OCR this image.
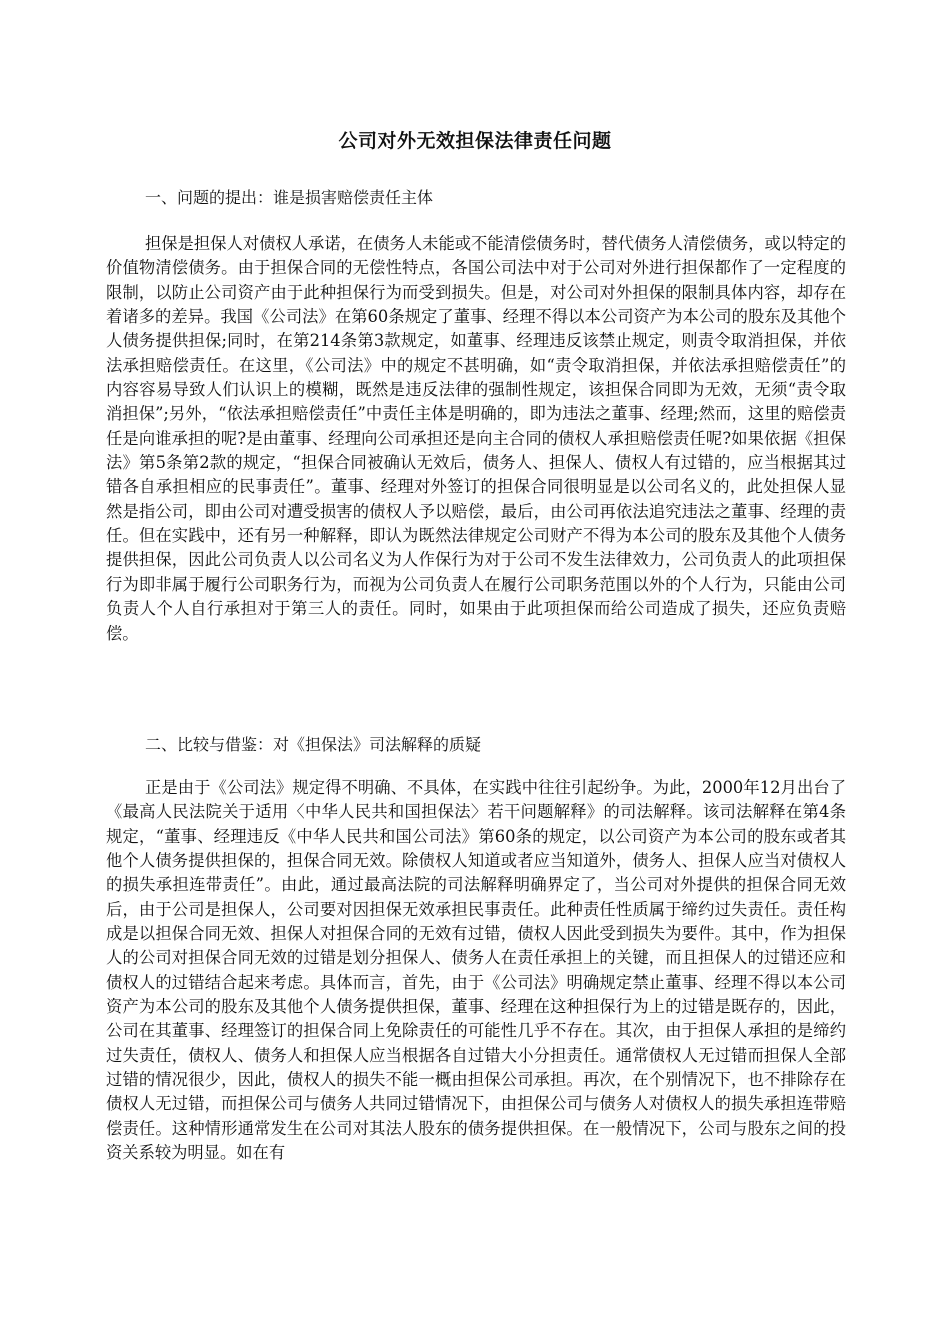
公司对外无效担保法律责任问题
一、问题的提出：谁是损害赔偿责任主体

担保是担保人对债权人承诺，在债务人未能或不能清偿债务时，替代债务人清偿债务，或以特定的价值物清偿债务。由于担保合同的无偿性特点，各国公司法中对于公司对外进行担保都作了一定程度的限制，以防止公司资产由于此种担保行为而受到损失。但是，对公司对外担保的限制具体内容，却存在着诸多的差异。我国《公司法》在第60条规定了董事、经理不得以本公司资产为本公司的股东及其他个人债务提供担保;同时，在第214条第3款规定，如董事、经理违反该禁止规定，则责令取消担保，并依法承担赔偿责任。在这里，《公司法》中的规定不甚明确，如“责令取消担保，并依法承担赔偿责任”的内容容易导致人们认识上的模糊，既然是违反法律的强制性规定，该担保合同即为无效，无须“责令取消担保”;另外，“依法承担赔偿责任”中责任主体是明确的，即为违法之董事、经理;然而，这里的赔偿责任是向谁承担的呢?是由董事、经理向公司承担还是向主合同的债权人承担赔偿责任呢?如果依据《担保法》第5条第2款的规定，“担保合同被确认无效后，债务人、担保人、债权人有过错的，应当根据其过错各自承担相应的民事责任”。董事、经理对外签订的担保合同很明显是以公司名义的，此处担保人显然是指公司，即由公司对遭受损害的债权人予以赔偿，最后，由公司再依法追究违法之董事、经理的责任。但在实践中，还有另一种解释，即认为既然法律规定公司财产不得为本公司的股东及其他个人债务提供担保，因此公司负责人以公司名义为人作保行为对于公司不发生法律效力，公司负责人的此项担保行为即非属于履行公司职务行为，而视为公司负责人在履行公司职务范围以外的个人行为，只能由公司负责人个人自行承担对于第三人的责任。同时，如果由于此项担保而给公司造成了损失，还应负责赔偿。

二、比较与借鉴：对《担保法》司法解释的质疑

正是由于《公司法》规定得不明确、不具体，在实践中往往引起纷争。为此，2000年12月出台了《最高人民法院关于适用〈中华人民共和国担保法〉若干问题解释》的司法解释。该司法解释在第4条规定，“董事、经理违反《中华人民共和国公司法》第60条的规定，以公司资产为本公司的股东或者其他个人债务提供担保的，担保合同无效。除债权人知道或者应当知道外，债务人、担保人应当对债权人的损失承担连带责任”。由此，通过最高法院的司法解释明确界定了，当公司对外提供的担保合同无效后，由于公司是担保人，公司要对因担保无效承担民事责任。此种责任性质属于缔约过失责任。责任构成是以担保合同无效、担保人对担保合同的无效有过错，债权人因此受到损失为要件。其中，作为担保人的公司对担保合同无效的过错是划分担保人、债务人在责任承担上的关键，而且担保人的过错还应和债权人的过错结合起来考虑。具体而言，首先，由于《公司法》明确规定禁止董事、经理不得以本公司资产为本公司的股东及其他个人债务提供担保，董事、经理在这种担保行为上的过错是既存的，因此，公司在其董事、经理签订的担保合同上免除责任的可能性几乎不存在。其次，由于担保人承担的是缔约过失责任，债权人、债务人和担保人应当根据各自过错大小分担责任。通常债权人无过错而担保人全部过错的情况很少，因此，债权人的损失不能一概由担保公司承担。再次，在个别情况下，也不排除存在债权人无过错，而担保公司与债务人共同过错情况下，由担保公司与债务人对债权人的损失承担连带赔偿责任。这种情形通常发生在公司对其法人股东的债务提供担保。在一般情况下，公司与股东之间的投资关系较为明显。如在有
